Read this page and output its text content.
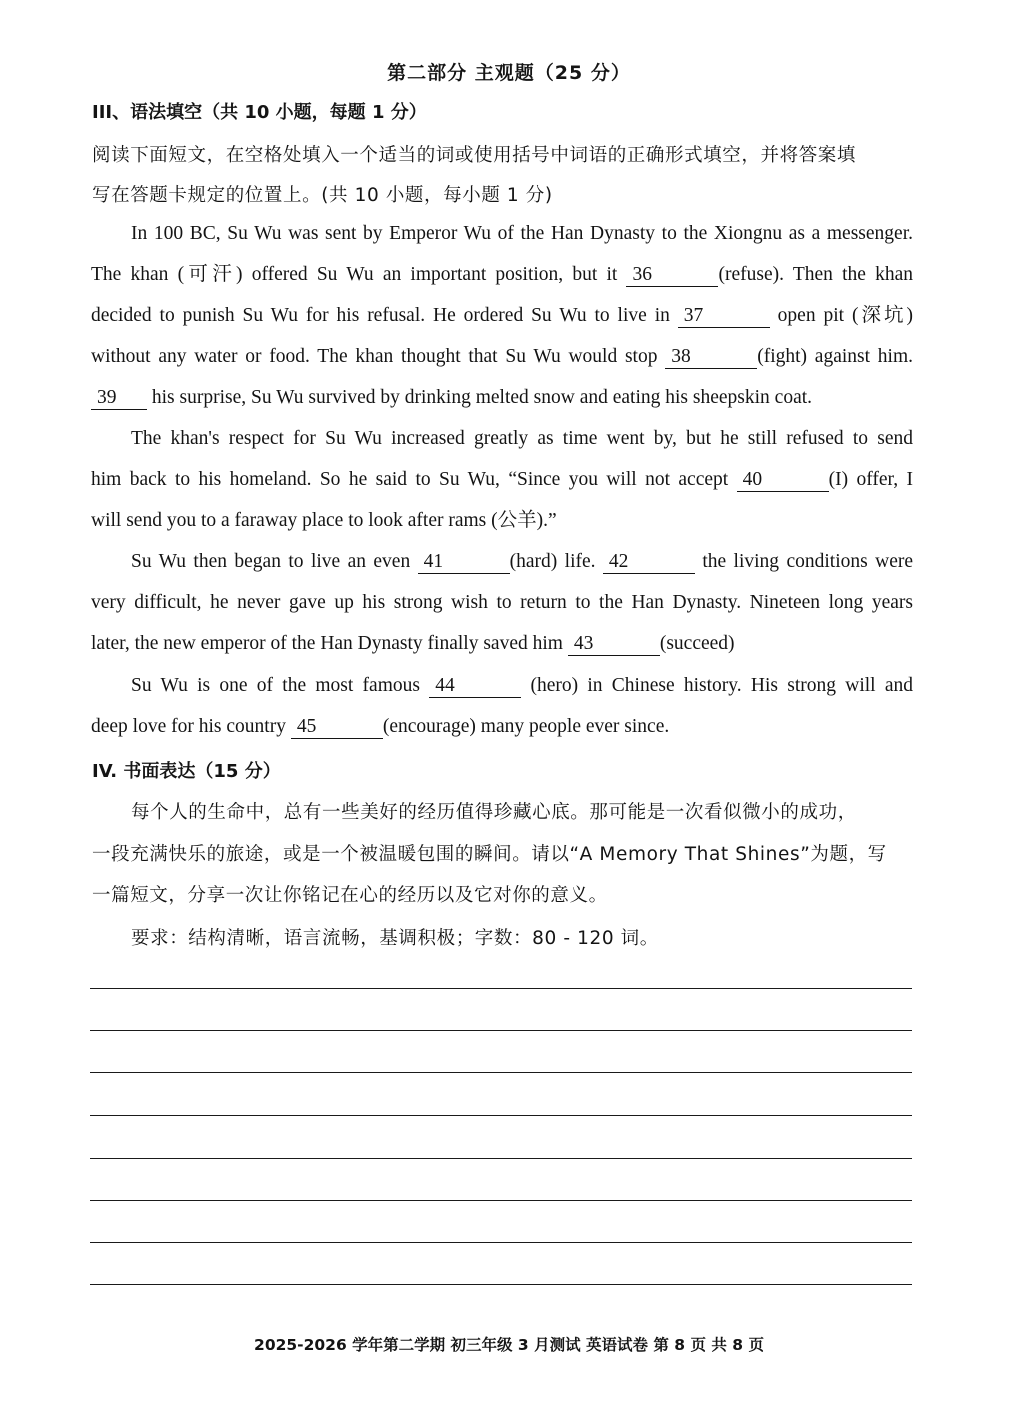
第二部分 主观题（25 分）
III、语法填空（共 10 小题，每题 1 分）
阅读下面短文，在空格处填入一个适当的词或使用括号中词语的正确形式填空，并将答案填
写在答题卡规定的位置上。(共 10 小题，每小题 1 分)
In 100 BC, Su Wu was sent by Emperor Wu of the Han Dynasty to the Xiongnu as a messenger.
The khan (可汗) offered Su Wu an important position, but it 36	(refuse). Then the khan
decided to punish Su Wu for his refusal. He ordered Su Wu to live in 37	open pit (深坑)
without any water or food. The khan thought that Su Wu would stop 38	(fight) against him.
39 his surprise, Su Wu survived by drinking melted snow and eating his sheepskin coat.
The khan's respect for Su Wu increased greatly as time went by, but he still refused to send
him back to his homeland. So he said to Su Wu, “Since you will not accept 40	(I) offer, I
will send you to a faraway place to look after rams (公羊).”
Su Wu then began to live an even 41	(hard) life. 42	the living conditions were
very difficult, he never gave up his strong wish to return to the Han Dynasty. Nineteen long years
later, the new emperor of the Han Dynasty finally saved him 43	(succeed)
Su Wu is one of the most famous 44	(hero) in Chinese history. His strong will and
deep love for his country 45	(encourage) many people ever since.
IV. 书面表达（15 分）
每个人的生命中，总有一些美好的经历值得珍藏心底。那可能是一次看似微小的成功，
一段充满快乐的旅途，或是一个被温暖包围的瞬间。请以“A Memory That Shines”为题，写
一篇短文，分享一次让你铭记在心的经历以及它对你的意义。
要求：结构清晰，语言流畅，基调积极；字数：80 - 120 词。
2025-2026 学年第二学期 初三年级 3 月测试 英语试卷 第 8 页 共 8 页
